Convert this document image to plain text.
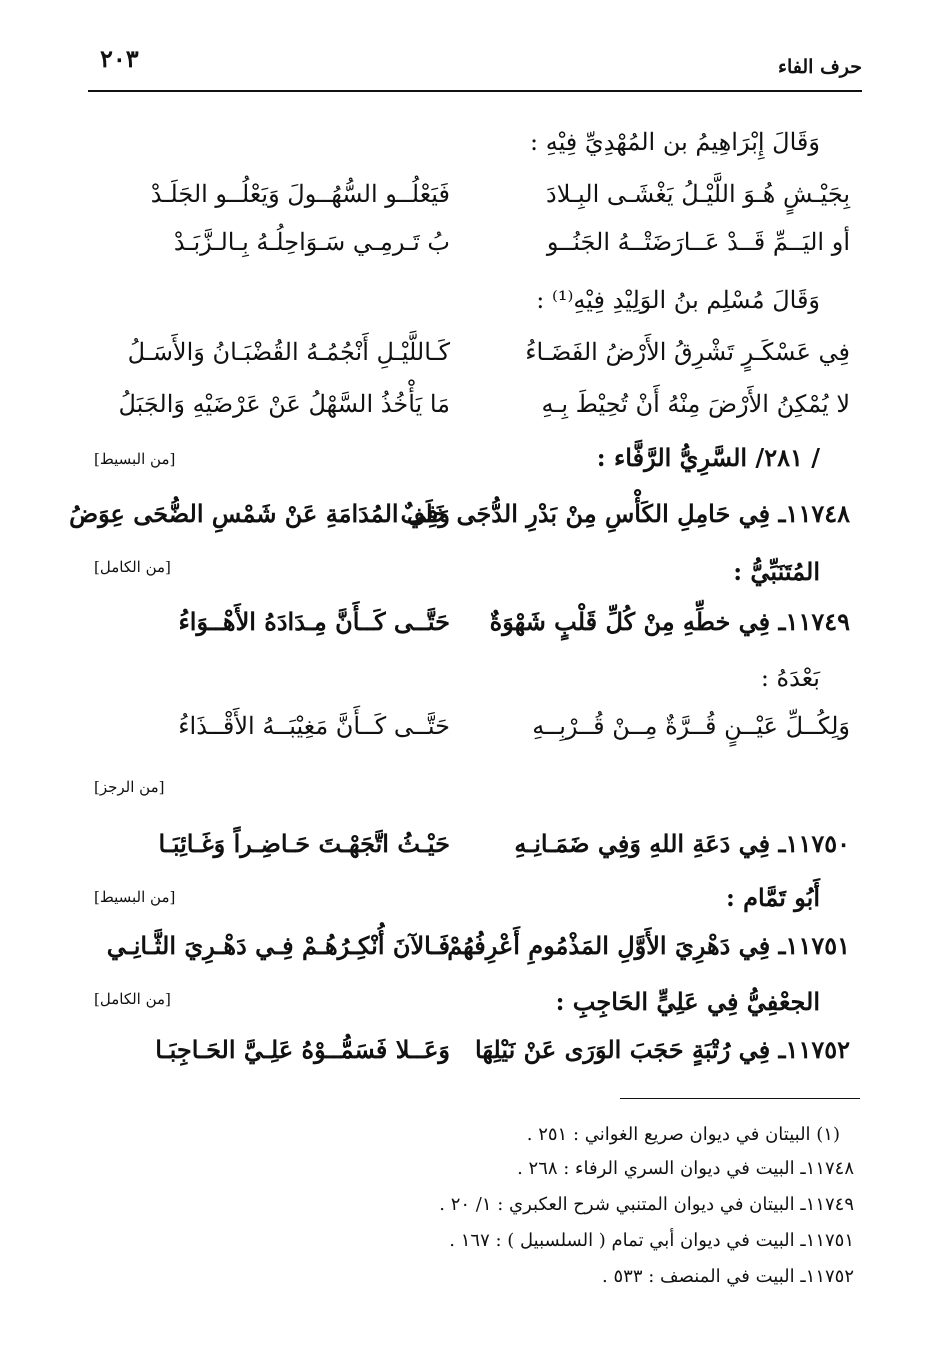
حرف الفاء
٢٠٣
وَقَالَ إِبْرَاهِيمُ بن المُهْدِيِّ فِيْهِ :
بِجَيْـشٍ هُـوَ اللَّيْـلُ يَغْشَـى البِـلادَ
فَيَعْلُــو السُّهُــولَ وَيَعْلُــو الجَلَـدْ
أو اليَــمِّ قَــدْ عَــارَضَتْــهُ الجَنُــو
بُ تَـرمِـي سَـوَاحِلُـهُ بِـالـزَّبَـدْ
وَقَالَ مُسْلِم بنُ الوَلِيْدِ فِيْهِ⁽¹⁾ :
فِي عَسْكَـرٍ تَشْرِقُ الأَرْضُ الفَضَـاءُ
كَـاللَّيْـلِ أَنْجُمُـهُ القُضْبَـانُ وَالأَسَـلُ
لا يُمْكِنُ الأَرْضَ مِنْهُ أَنْ تُحِيْطَ بِـهِ
مَا يَأْخُذُ السَّهْلُ عَنْ عَرْضَيْهِ وَالجَبَلُ
/ ٢٨١/ السَّرِيُّ الرَّفَّاء :
[من البسيط]
١١٧٤٨ـ فِي حَامِلِ الكَأْسِ مِنْ بَدْرِ الدُّجَى خَلَفٌ
وَفِي المُدَامَةِ عَنْ شَمْسِ الضُّحَى عِوَضُ
المُتَنَبِّيُّ :
[من الكامل]
١١٧٤٩ـ فِي خطِّهِ مِنْ كُلِّ قَلْبٍ شَهْوَةٌ
حَتَّــى كَــأَنَّ مِـدَادَهُ الأَهْــوَاءُ
بَعْدَهُ :
وَلِكُــلِّ عَيْــنٍ قُــرَّةٌ مِــنْ قُــرْبِــهِ
حَتَّــى كَــأَنَّ مَغِيْبَــهُ الأَقْــذَاءُ
[من الرجز]
١١٧٥٠ـ فِي دَعَةِ اللهِ وَفِي ضَمَـانِـهِ
حَيْـثُ اتَّجَهْـتَ حَـاضِـراً وَغَـائِبَـا
أَبُو تَمَّام :
[من البسيط]
١١٧٥١ـ فِي دَهْرِيَ الأَوَّلِ المَذْمُومِ أَعْرِفُهُمْ
فَـالآنَ أُنْكِـرُهُـمْ فِـي دَهْـرِيَ الثَّـانِـي
الجعْفِيُّ فِي عَلِيٍّ الحَاجِبِ :
[من الكامل]
١١٧٥٢ـ فِي رُتْبَةٍ حَجَبَ الوَرَى عَنْ نَيْلِهَا
وَعَــلا فَسَمُّــوْهُ عَلِـيَّ الحَـاجِبَـا
(١) البيتان في ديوان صريع الغواني : ٢٥١ .
١١٧٤٨ـ البيت في ديوان السري الرفاء : ٢٦٨ .
١١٧٤٩ـ البيتان في ديوان المتنبي شرح العكبري : ١/ ٢٠ .
١١٧٥١ـ البيت في ديوان أبي تمام ( السلسبيل ) : ١٦٧ .
١١٧٥٢ـ البيت في المنصف : ٥٣٣ .
